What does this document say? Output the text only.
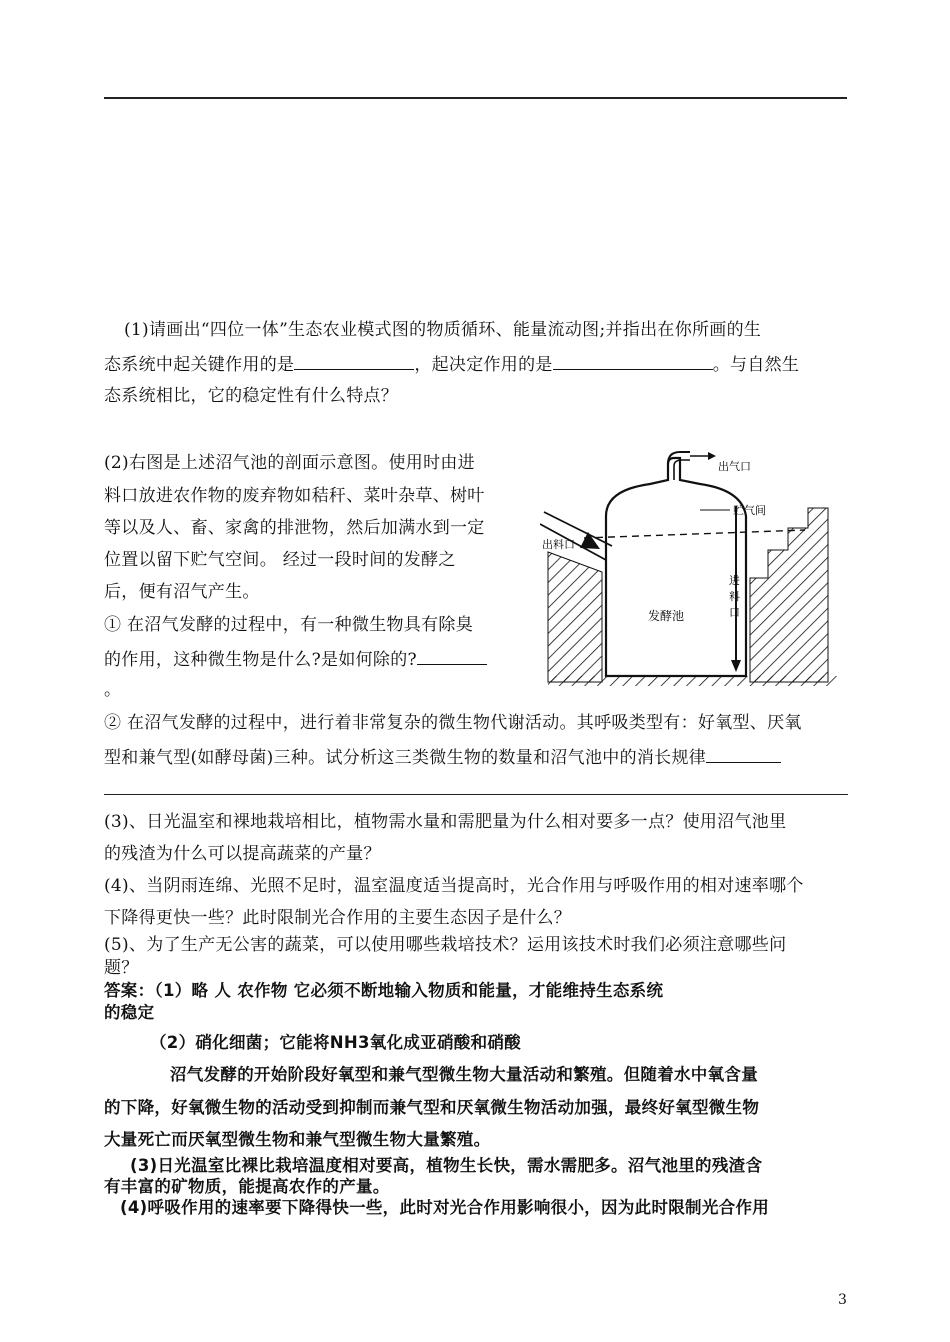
(1)请画出“四位一体”生态农业模式图的物质循环、能量流动图;并指出在你所画的生
态系统中起关键作用的是	，起决定作用的是	。与自然生
态系统相比，它的稳定性有什么特点？
(2)右图是上述沼气池的剖面示意图。使用时由进
料口放进农作物的废弃物如秸秆、菜叶杂草、树叶
等以及人、畜、家禽的排泄物，然后加满水到一定
位置以留下贮气空间。 经过一段时间的发酵之
后，便有沼气产生。
① 在沼气发酵的过程中，有一种微生物具有除臭
的作用，这种微生物是什么?是如何除的?
。
出气口
贮气间
出料口
进
料
口
发酵池
② 在沼气发酵的过程中，进行着非常复杂的微生物代谢活动。其呼吸类型有：好氧型、厌氧
型和兼气型(如酵母菌)三种。试分析这三类微生物的数量和沼气池中的消长规律
(3)、日光温室和裸地栽培相比，植物需水量和需肥量为什么相对要多一点？使用沼气池里
的残渣为什么可以提高蔬菜的产量？
(4)、当阴雨连绵、光照不足时，温室温度适当提高时，光合作用与呼吸作用的相对速率哪个
下降得更快一些？此时限制光合作用的主要生态因子是什么？
(5)、为了生产无公害的蔬菜，可以使用哪些栽培技术？运用该技术时我们必须注意哪些问
题？
答案：（1）略 人 农作物 它必须不断地输入物质和能量，才能维持生态系统
的稳定
（2）硝化细菌；它能将NH3氧化成亚硝酸和硝酸
沼气发酵的开始阶段好氧型和兼气型微生物大量活动和繁殖。但随着水中氧含量
的下降，好氧微生物的活动受到抑制而兼气型和厌氧微生物活动加强，最终好氧型微生物
大量死亡而厌氧型微生物和兼气型微生物大量繁殖。
(3)日光温室比裸比栽培温度相对要高，植物生长快，需水需肥多。沼气池里的残渣含
有丰富的矿物质，能提高农作的产量。
(4)呼吸作用的速率要下降得快一些，此时对光合作用影响很小，因为此时限制光合作用
3
